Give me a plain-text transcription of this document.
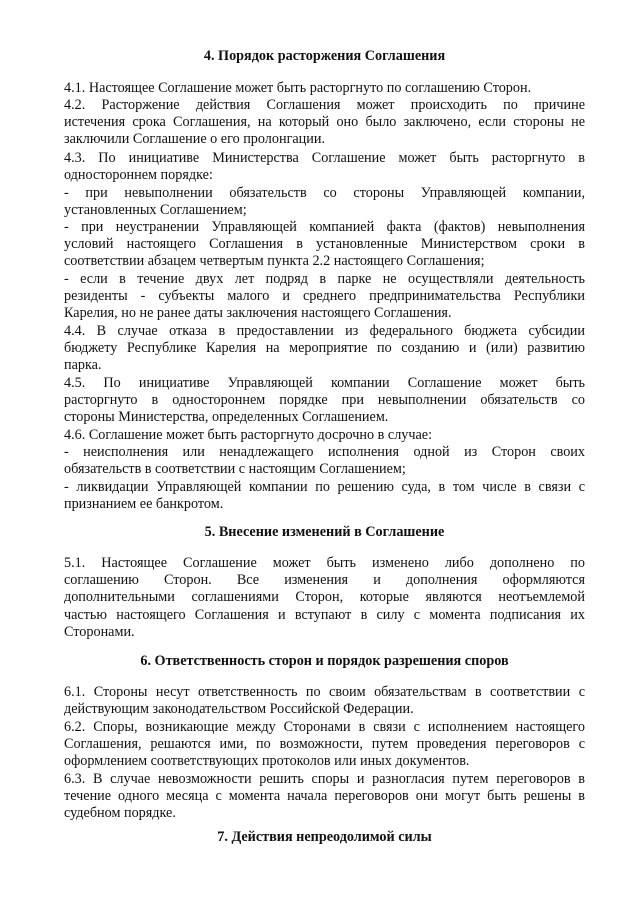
4. Порядок расторжения Соглашения
4.1. Настоящее Соглашение может быть расторгнуто по соглашению Сторон.
4.2. Расторжение действия Соглашения может происходить по причине
истечения срока Соглашения, на который оно было заключено, если стороны не
заключили Соглашение о его пролонгации.
4.3. По инициативе Министерства Соглашение может быть расторгнуто в
одностороннем порядке:
- при невыполнении обязательств со стороны Управляющей компании,
установленных Соглашением;
- при неустранении Управляющей компанией факта (фактов) невыполнения
условий настоящего Соглашения в установленные Министерством сроки в
соответствии абзацем четвертым пункта 2.2 настоящего Соглашения;
- если в течение двух лет подряд в парке не осуществляли деятельность
резиденты - субъекты малого и среднего предпринимательства Республики
Карелия, но не ранее даты заключения настоящего Соглашения.
4.4. В случае отказа в предоставлении из федерального бюджета субсидии
бюджету Республике Карелия на мероприятие по созданию и (или) развитию
парка.
4.5. По инициативе Управляющей компании Соглашение может быть
расторгнуто в одностороннем порядке при невыполнении обязательств со
стороны Министерства, определенных Соглашением.
4.6. Соглашение может быть расторгнуто досрочно в случае:
- неисполнения или ненадлежащего исполнения одной из Сторон своих
обязательств в соответствии с настоящим Соглашением;
- ликвидации Управляющей компании по решению суда, в том числе в связи с
признанием ее банкротом.
5. Внесение изменений в Соглашение
5.1. Настоящее Соглашение может быть изменено либо дополнено по
соглашению Сторон. Все изменения и дополнения оформляются
дополнительными соглашениями Сторон, которые являются неотъемлемой
частью настоящего Соглашения и вступают в силу с момента подписания их
Сторонами.
6. Ответственность сторон и порядок разрешения споров
6.1. Стороны несут ответственность по своим обязательствам в соответствии с
действующим законодательством Российской Федерации.
6.2. Споры, возникающие между Сторонами в связи с исполнением настоящего
Соглашения, решаются ими, по возможности, путем проведения переговоров с
оформлением соответствующих протоколов или иных документов.
6.3. В случае невозможности решить споры и разногласия путем переговоров в
течение одного месяца с момента начала переговоров они могут быть решены в
судебном порядке.
7. Действия непреодолимой силы
